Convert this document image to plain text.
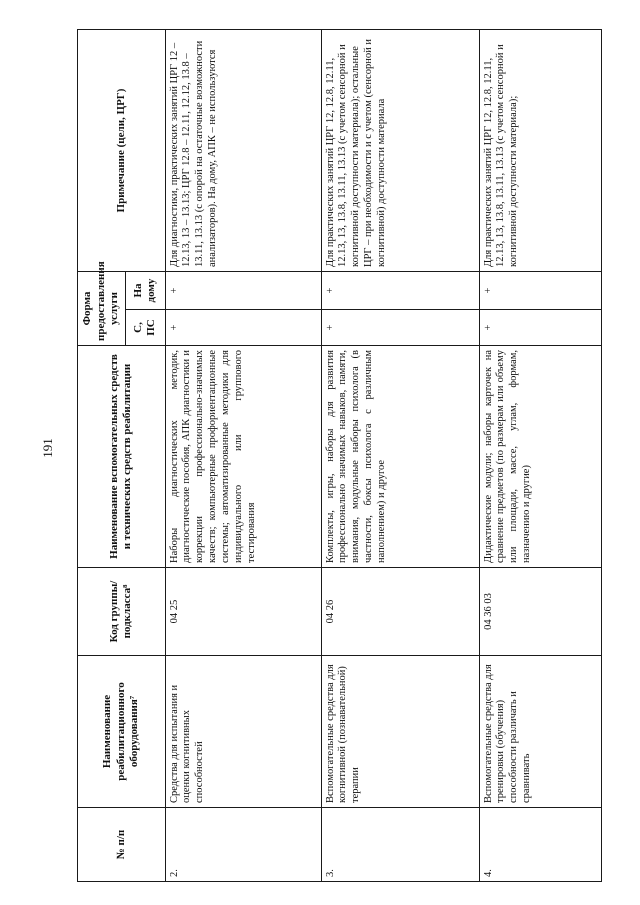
191
№ п/п	Наименование реабилитационного оборудования⁷	Код группы/ подкласса⁸	Наименование вспомогательных средств и технических средств реабилитации	Форма предоставления услуги		Примечание (цели, ЦРГ)
				С, ПС	На дому	
2.	Средства для испытания и оценки когнитивных способностей	04 25	Наборы диагностических методик, диагностические пособия, АПК диагностики и коррекции профессионально-значимых качеств; компьютерные профориентационные системы; автоматизированные методики для индивидуального или группового тестирования	+	+	Для диагностики, практических занятий ЦРГ 12 – 12.13, 13 – 13.13; ЦРГ 12.8 – 12.11, 12.12, 13.8 – 13.11, 13.13 (с опорой на остаточные возможности анализаторов). На дому, АПК – не используются
3.	Вспомогательные средства для когнитивной (познавательной) терапии	04 26	Комплекты, игры, наборы для развития профессионально значимых навыков, памяти, внимания, модульные наборы психолога (в частности, боксы психолога с различным наполнением) и другое	+	+	Для практических занятий ЦРГ 12, 12.8, 12.11, 12.13, 13, 13.8, 13.11, 13.13 (с учетом сенсорной и когнитивной доступности материала); остальные ЦРГ – при необходимости и с учетом (сенсорной и когнитивной) доступности материала
4.	Вспомогательные средства для тренировки (обучения) способности различать и сравнивать	04 36 03	Дидактические модули; наборы карточек на сравнение предметов (по размерам или объему или площади, массе, углам, формам, назначению и другие)	+	+	Для практических занятий ЦРГ 12, 12.8, 12.11, 12.13, 13, 13.8, 13.11, 13.13 (с учетом сенсорной и когнитивной доступности материала);
